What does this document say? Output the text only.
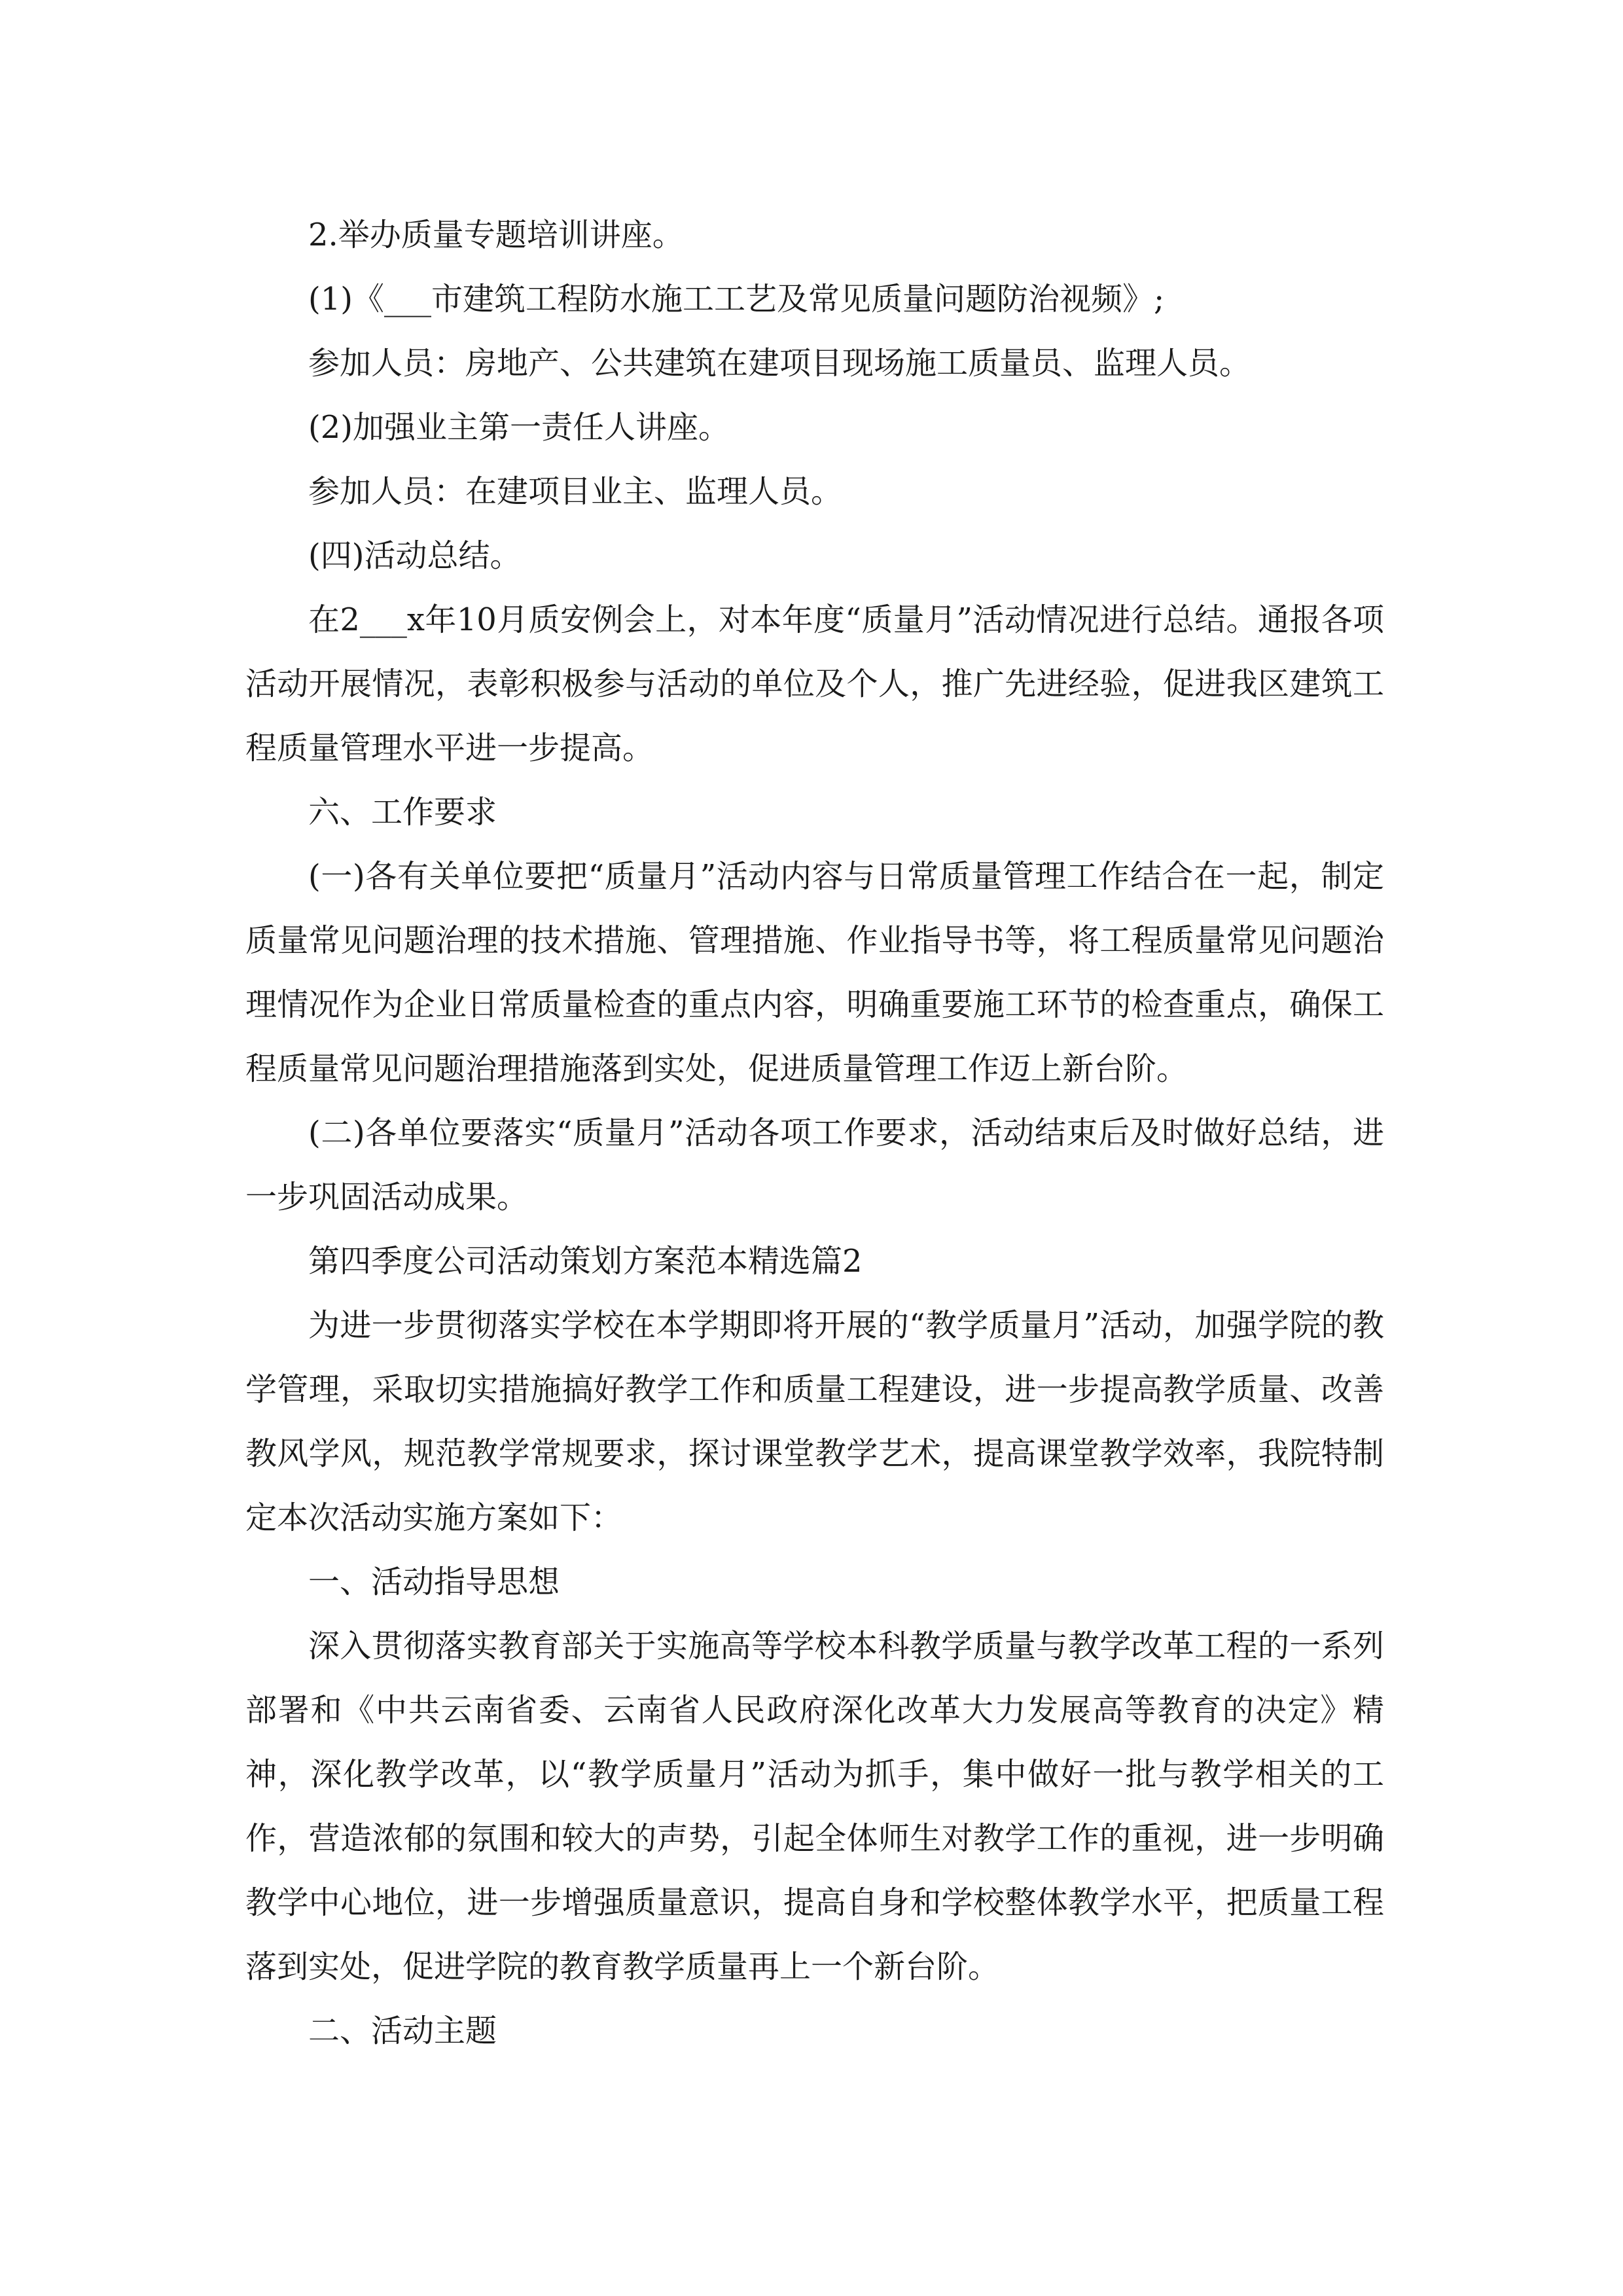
2.举办质量专题培训讲座。

(1)《___市建筑工程防水施工工艺及常见质量问题防治视频》;

参加人员：房地产、公共建筑在建项目现场施工质量员、监理人员。

(2)加强业主第一责任人讲座。

参加人员：在建项目业主、监理人员。

(四)活动总结。

在2___x年10月质安例会上，对本年度“质量月”活动情况进行总结。通报各项活动开展情况，表彰积极参与活动的单位及个人，推广先进经验，促进我区建筑工程质量管理水平进一步提高。

六、工作要求

(一)各有关单位要把“质量月”活动内容与日常质量管理工作结合在一起，制定质量常见问题治理的技术措施、管理措施、作业指导书等，将工程质量常见问题治理情况作为企业日常质量检查的重点内容，明确重要施工环节的检查重点，确保工程质量常见问题治理措施落到实处，促进质量管理工作迈上新台阶。

(二)各单位要落实“质量月”活动各项工作要求，活动结束后及时做好总结，进一步巩固活动成果。

第四季度公司活动策划方案范本精选篇2

为进一步贯彻落实学校在本学期即将开展的“教学质量月”活动，加强学院的教学管理，采取切实措施搞好教学工作和质量工程建设，进一步提高教学质量、改善教风学风，规范教学常规要求，探讨课堂教学艺术，提高课堂教学效率，我院特制定本次活动实施方案如下：

一、活动指导思想

深入贯彻落实教育部关于实施高等学校本科教学质量与教学改革工程的一系列部署和《中共云南省委、云南省人民政府深化改革大力发展高等教育的决定》精神，深化教学改革，以“教学质量月”活动为抓手，集中做好一批与教学相关的工作，营造浓郁的氛围和较大的声势，引起全体师生对教学工作的重视，进一步明确教学中心地位，进一步增强质量意识，提高自身和学校整体教学水平，把质量工程落到实处，促进学院的教育教学质量再上一个新台阶。

二、活动主题
